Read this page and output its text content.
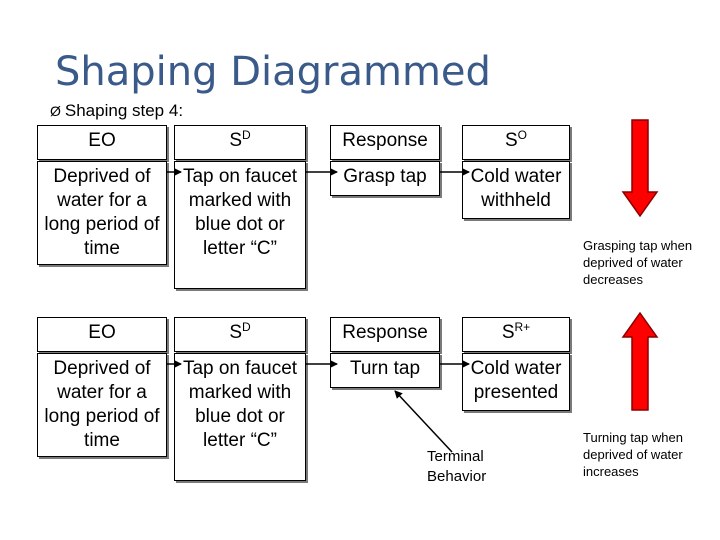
Shaping Diagrammed
Ø Shaping step 4:
EO	$S^D$	Response	$S^O$
Deprived of water for a long period of time
Tap on faucet marked with blue dot or letter “C”
Grasp tap	Cold water withheld
Grasping tap when deprived of water decreases
EO	$S^D$	Response	$S^{R+}$
Deprived of water for a long period of time
Tap on faucet marked with blue dot or letter “C”
Turn tap	Cold water presented
Terminal Behavior
Turning tap when deprived of water increases
